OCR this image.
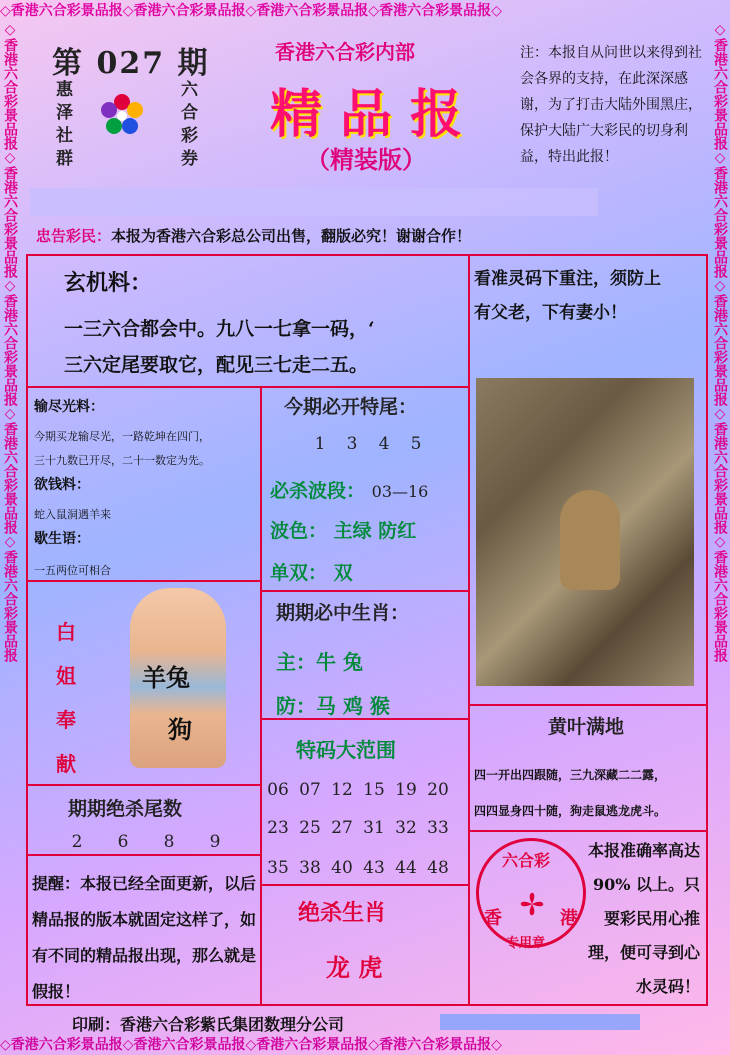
◇香港六合彩景品报◇香港六合彩景品报◇香港六合彩景品报◇香港六合彩景品报◇
◇香港六合彩景品报◇香港六合彩景品报◇香港六合彩景品报◇香港六合彩景品报◇
◇香港六合彩景品报◇香港六合彩景品报◇香港六合彩景品报◇香港六合彩景品报◇香港六合彩景品报	◇香港六合彩景品报◇香港六合彩景品报◇香港六合彩景品报◇香港六合彩景品报◇香港六合彩景品报
第 027 期
惠泽社群	六合彩券
香港六合彩内部
精品报
（精装版）
注：本报自从问世以来得到社会各界的支持，在此深深感谢，为了打击大陆外围黑庄，保护大陆广大彩民的切身利益，特出此报！
忠告彩民：本报为香港六合彩总公司出售，翻版必究！谢谢合作！
玄机料：
一三六合都会中。九八一七拿一码，‘
三六定尾要取它，配见三七走二五。
看准灵码下重注，须防上
有父老，下有妻小！
输尽光料：
今期买龙输尽光，一路乾坤在四门，
三十九数已开尽，二十一数定为先。
欲钱料：
蛇入鼠洞遇羊来
歇生语：
一五两位可相合
今期必开特尾：
1 3 4 5
必杀波段： 03—16
波色： 主绿 防红
单双： 双
期期必中生肖：
主：牛 兔
防：马 鸡 猴
白
姐
奉
献
羊兔
狗
特码大范围
06 07 12 15 19 20
23 25 27 31 32 33
35 38 40 43 44 48
期期绝杀尾数
2 6 8 9
提醒：本报已经全面更新，以后精品报的版本就固定这样了，如有不同的精品报出现，那么就是假报！
绝杀生肖
龙 虎
黄叶满地
四一开出四跟随，三九深藏二二露，
四四显身四十随，狗走鼠逃龙虎斗。
六合彩
香	港
专用章
本报准确率高达 90% 以上。只要彩民用心推理，便可寻到心水灵码！
印刷：香港六合彩紫氏集团数理分公司
